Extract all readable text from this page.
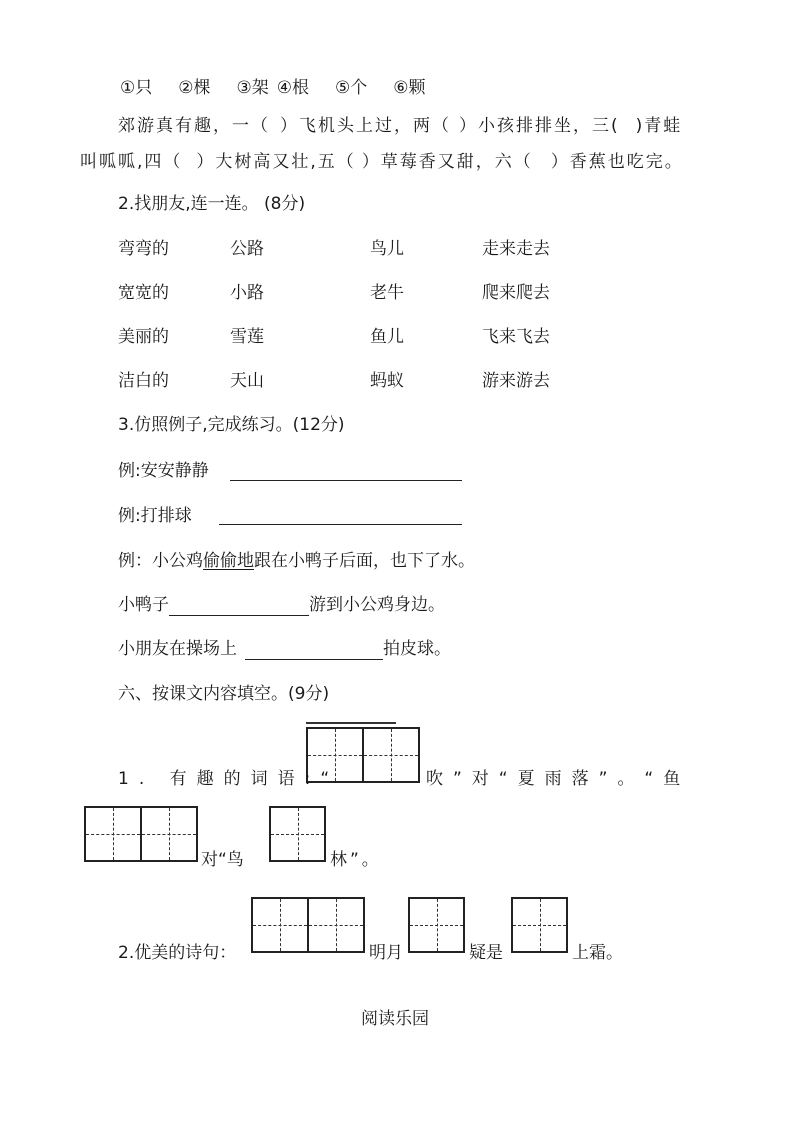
①只 ②棵 ③架 ④根 ⑤个 ⑥颗
郊游真有趣，一（ ）飞机头上过，两（ ）小孩排排坐，三( )青蛙
叫呱呱,四（ ）大树高又壮,五（ ）草莓香又甜，六（ ）香蕉也吃完。
2.找朋友,连一连。 (8分)
弯弯的	公路	鸟儿	走来走去
宽宽的	小路	老牛	爬来爬去
美丽的	雪莲	鱼儿	飞来飞去
洁白的	天山	蚂蚁	游来游去
3.仿照例子,完成练习。(12分)
例:安安静静
例:打排球
例：小公鸡偷偷地跟在小鸭子后面，也下了水。
小鸭子	游到小公鸡身边。
小朋友在操场上	拍皮球。
六、按课文内容填空。(9分)
1. 有趣的词语:“	吹”对“夏雨落”。“鱼
对“鸟	林”。
2.优美的诗句：	明月	疑是	上霜。
阅读乐园
